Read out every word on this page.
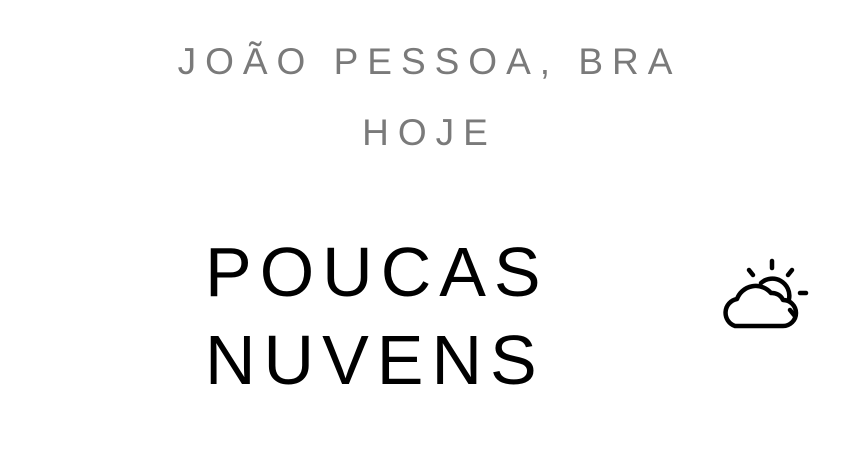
JOÃO PESSOA, BRA
HOJE
POUCAS
NUVENS
